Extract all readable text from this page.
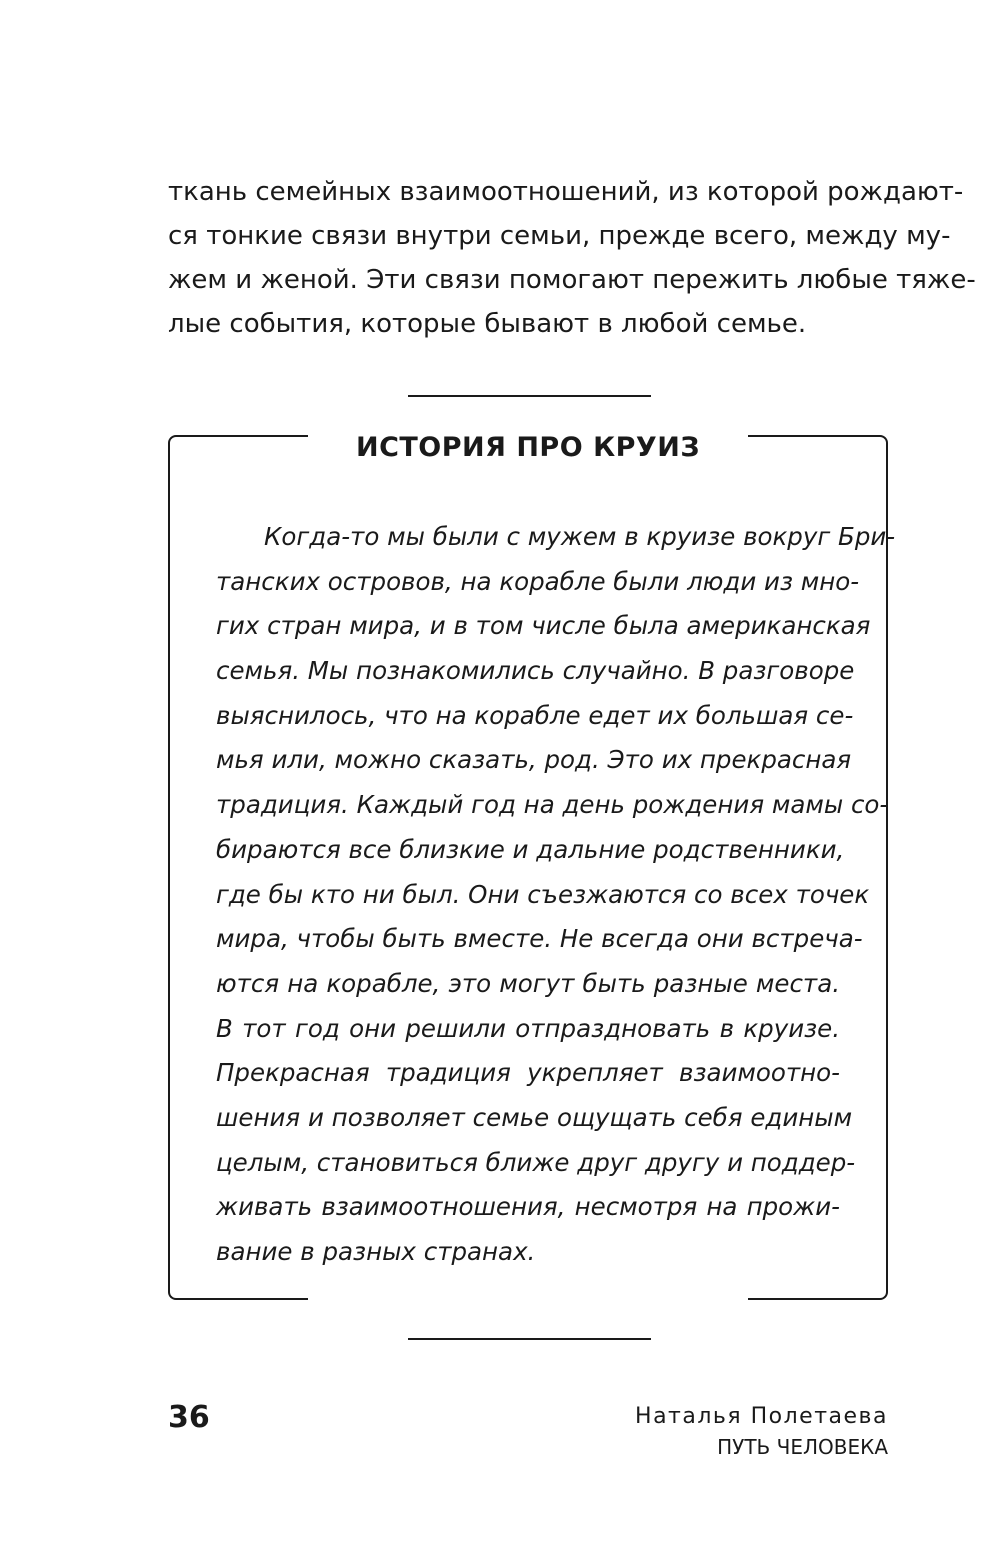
ткань семейных взаимоотношений, из которой рождают-
ся тонкие связи внутри семьи, прежде всего, между му-
жем и женой. Эти связи помогают пережить любые тяже-
лые события, которые бывают в любой семье.
ИСТОРИЯ ПРО КРУИЗ
Когда-то мы были с мужем в круизе вокруг Бри-
танских островов, на корабле были люди из мно-
гих стран мира, и в том числе была американская
семья. Мы познакомились случайно. В разговоре
выяснилось, что на корабле едет их большая се-
мья или, можно сказать, род. Это их прекрасная
традиция. Каждый год на день рождения мамы со-
бираются все близкие и дальние родственники,
где бы кто ни был. Они съезжаются со всех точек
мира, чтобы быть вместе. Не всегда они встреча-
ются на корабле, это могут быть разные места.
В тот год они решили отпраздновать в круизе.
Прекрасная традиция укрепляет взаимоотно-
шения и позволяет семье ощущать себя единым
целым, становиться ближе друг другу и поддер-
живать взаимоотношения, несмотря на прожи-
вание в разных странах.
36	Наталья Полетаева
ПУТЬ ЧЕЛОВЕКА
